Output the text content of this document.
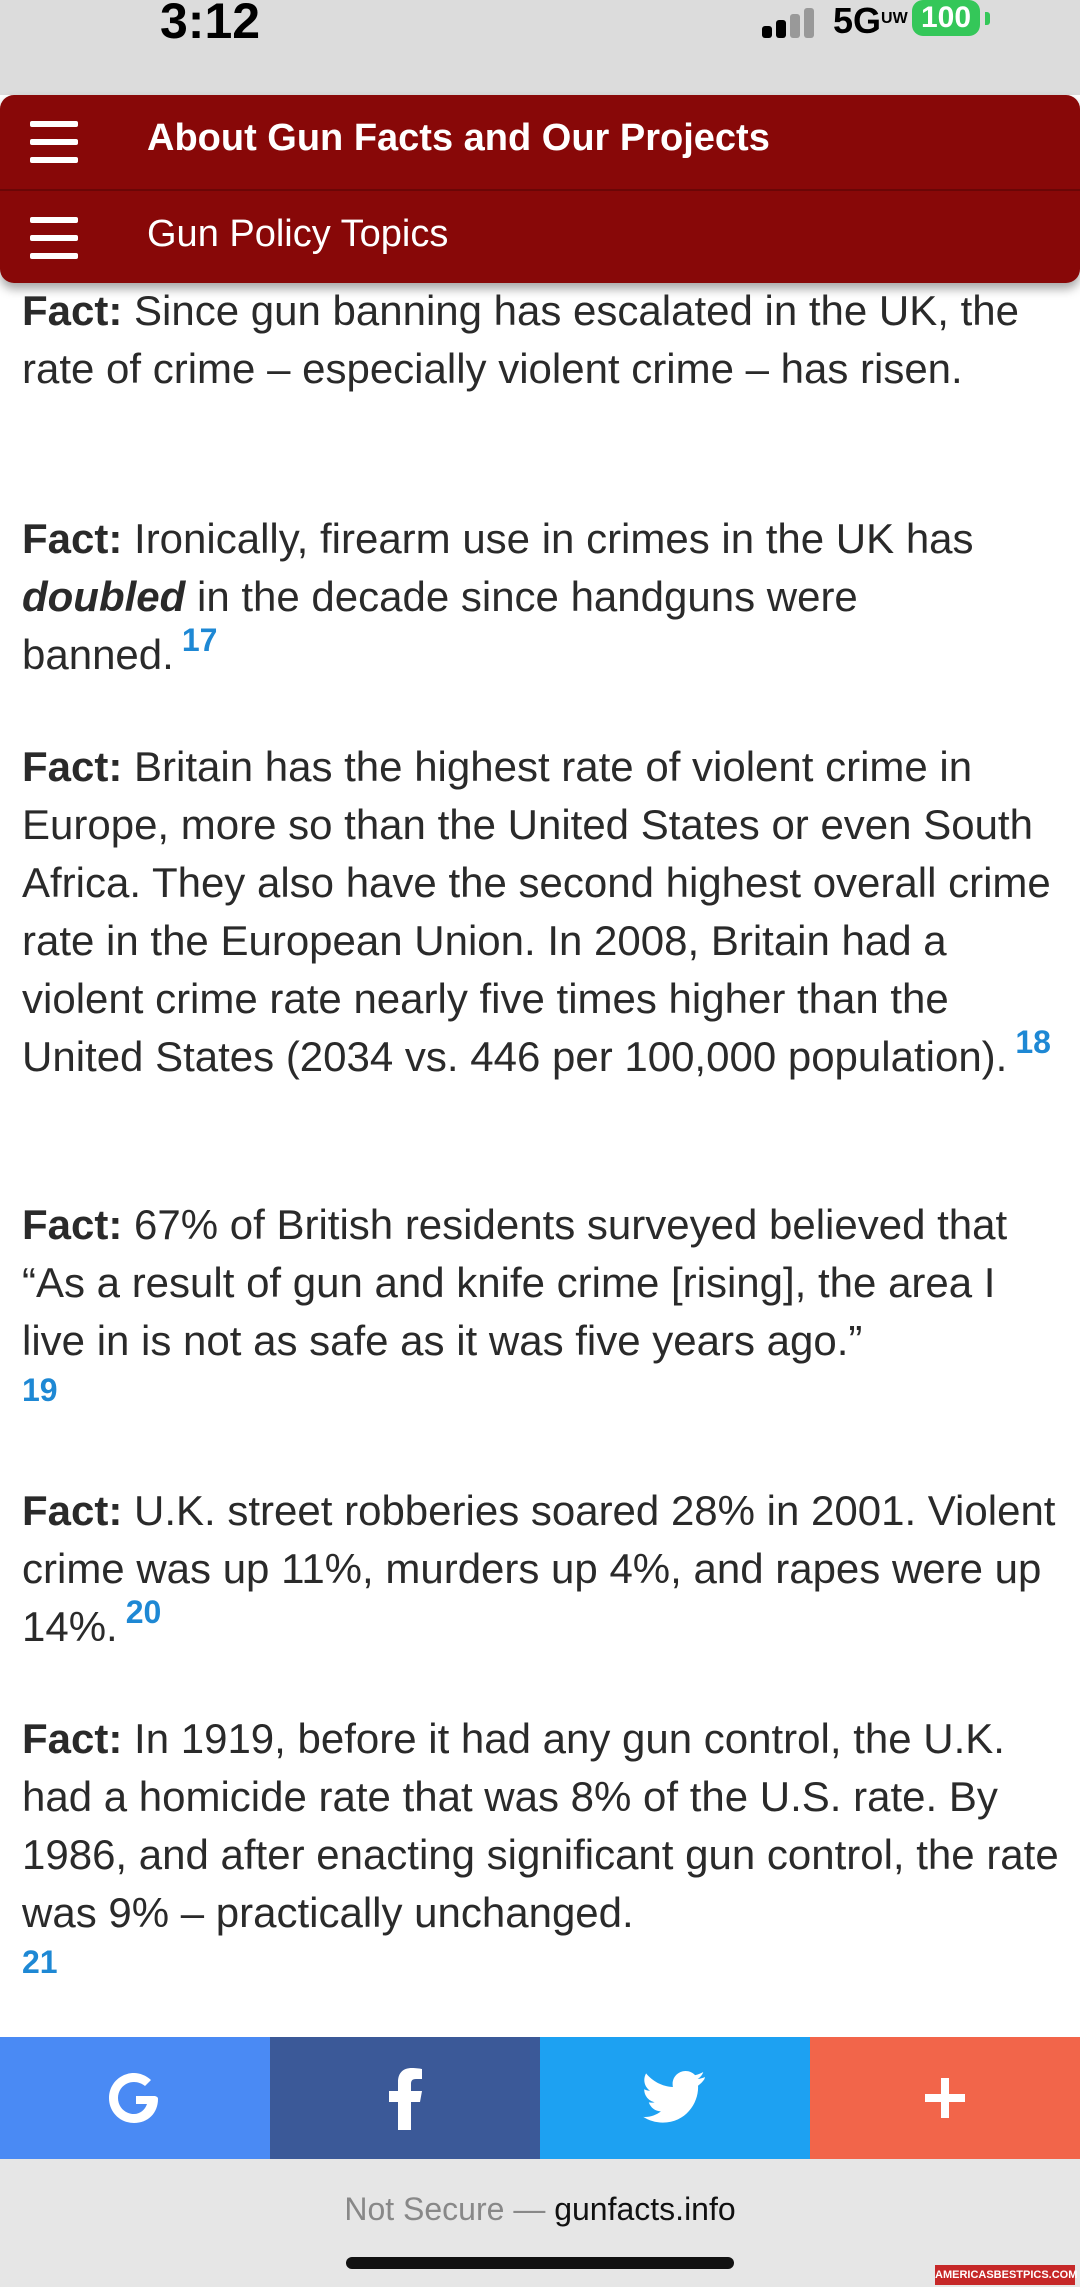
3:12	$5G^{UW}$ 100
About Gun Facts and Our Projects
Gun Policy Topics

Fact: Since gun banning has escalated in the UK, the rate of crime – especially violent crime – has risen.

Fact: Ironically, firearm use in crimes in the UK has doubled in the decade since handguns were banned. $^{17}$

Fact: Britain has the highest rate of violent crime in Europe, more so than the United States or even South Africa. They also have the second highest overall crime rate in the European Union. In 2008, Britain had a violent crime rate nearly five times higher than the United States (2034 vs. 446 per 100,000 population). $^{18}$

Fact: 67% of British residents surveyed believed that “As a result of gun and knife crime [rising], the area I live in is not as safe as it was five years ago.”
19

Fact: U.K. street robberies soared 28% in 2001. Violent crime was up 11%, murders up 4%, and rapes were up 14%. $^{20}$

Fact: In 1919, before it had any gun control, the U.K. had a homicide rate that was 8% of the U.S. rate. By 1986, and after enacting significant gun control, the rate was 9% – practically unchanged.
21

Not Secure — gunfacts.info
AMERICASBESTPICS.COM
